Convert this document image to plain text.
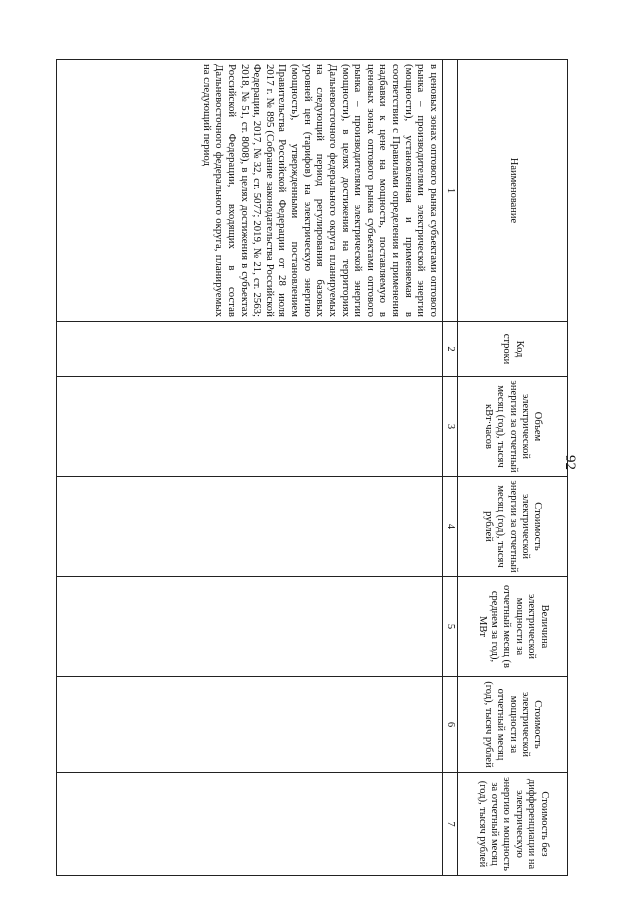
92
Наименование	Код строки	Объем электрической энергии за отчетный месяц (год), тысяч кВт·часов	Стоимость электрической энергии за отчетный месяц (год), тысяч рублей	Величина электрической мощности за отчетный месяц (в среднем за год), МВт	Стоимость электрической мощности за отчетный месяц (год), тысяч рублей	Стоимость без дифференциации на электрическую энергию и мощность за отчетный месяц (год), тысяч рублей
1	2	3	4	5	6	7
в ценовых зонах оптового рынка субъектами оптового рынка – производителями электрической энергии (мощности), установленная и применяемая в соответствии с Правилами определения и применения надбавки к цене на мощность, поставляемую в ценовых зонах оптового рынка субъектами оптового рынка – производителями электрической энергии (мощности), в целях достижения на территориях Дальневосточного федерального округа планируемых на следующий период регулирования базовых уровней цен (тарифов) на электрическую энергию (мощность), утвержденными постановлением Правительства Российской Федерации от 28 июля 2017 г. № 895 (Собрание законодательства Российской Федерации, 2017, № 32, ст. 5077; 2019, № 21, ст. 2563; 2018, № 51, ст. 8008), в целях достижения в субъектах Российской Федерации, входящих в состав Дальневосточного федерального округа, планируемых на следующий период						
